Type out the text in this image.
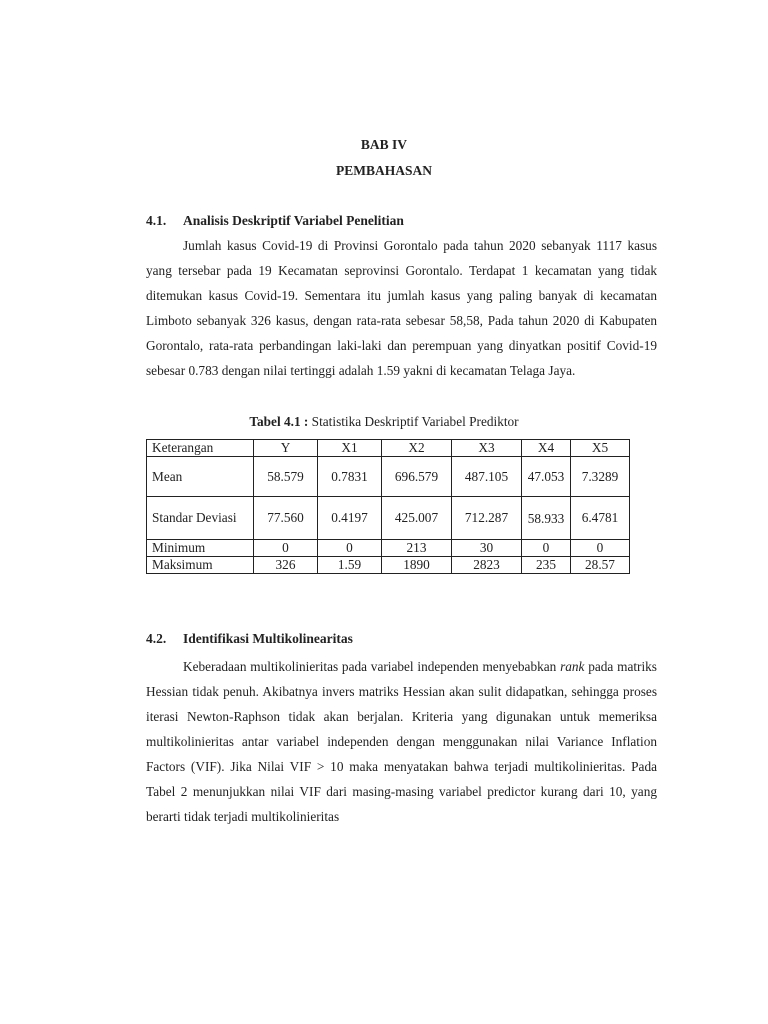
BAB IV
PEMBAHASAN
4.1. Analisis Deskriptif Variabel Penelitian

Jumlah kasus Covid-19 di Provinsi Gorontalo pada tahun 2020 sebanyak 1117 kasus yang tersebar pada 19 Kecamatan seprovinsi Gorontalo. Terdapat 1 kecamatan yang tidak ditemukan kasus Covid-19. Sementara itu jumlah kasus yang paling banyak di kecamatan Limboto sebanyak 326 kasus, dengan rata-rata sebesar 58,58, Pada tahun 2020 di Kabupaten Gorontalo, rata-rata perbandingan laki-laki dan perempuan yang dinyatkan positif Covid-19 sebesar 0.783 dengan nilai tertinggi adalah 1.59 yakni di kecamatan Telaga Jaya.

Tabel 4.1 : Statistika Deskriptif Variabel Prediktor
Keterangan	Y	X1	X2	X3	X4	X5
Mean	58.579	0.7831	696.579	487.105	47.053	7.3289
Standar Deviasi	77.560	0.4197	425.007	712.287	58.933	6.4781
Minimum	0	0	213	30	0	0
Maksimum	326	1.59	1890	2823	235	28.57
4.2. Identifikasi Multikolinearitas

Keberadaan multikolinieritas pada variabel independen menyebabkan rank pada matriks Hessian tidak penuh. Akibatnya invers matriks Hessian akan sulit didapatkan, sehingga proses iterasi Newton-Raphson tidak akan berjalan. Kriteria yang digunakan untuk memeriksa multikolinieritas antar variabel independen dengan menggunakan nilai Variance Inflation Factors (VIF). Jika Nilai VIF > 10 maka menyatakan bahwa terjadi multikolinieritas. Pada Tabel 2 menunjukkan nilai VIF dari masing-masing variabel predictor kurang dari 10, yang berarti tidak terjadi multikolinieritas
